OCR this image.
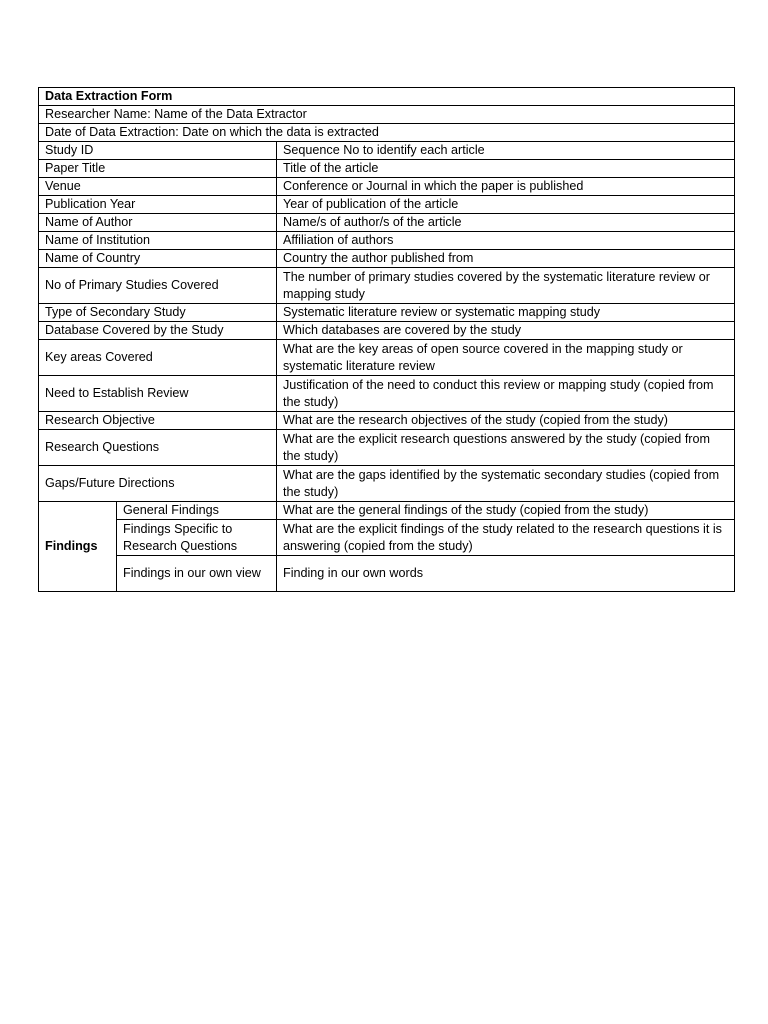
Data Extraction Form		
Researcher Name: Name of the Data Extractor		
Date of Data Extraction: Date on which the data is extracted		
Study ID		Sequence No to identify each article
Paper Title		Title of the article
Venue		Conference or Journal in which the paper is published
Publication Year		Year of publication of the article
Name of Author		Name/s of author/s of the article
Name of Institution		Affiliation of authors
Name of Country		Country the author published from
No of Primary Studies Covered		The number of primary studies covered by the systematic literature review or mapping study
Type of Secondary Study		Systematic literature review or systematic mapping study
Database Covered by the Study		Which databases are covered by the study
Key areas Covered		What are the key areas of open source covered in the mapping study or systematic literature review
Need to Establish Review		Justification of the need to conduct this review or mapping study (copied from the study)
Research Objective		What are the research objectives of the study (copied from the study)
Research Questions		What are the explicit research questions answered by the study (copied from the study)
Gaps/Future Directions		What are the gaps identified by the systematic secondary studies (copied from the study)
Findings	General Findings	What are the general findings of the study (copied from the study)
	Findings Specific to Research Questions	What are the explicit findings of the study related to the research questions it is answering (copied from the study)
	Findings in our own view	Finding in our own words
